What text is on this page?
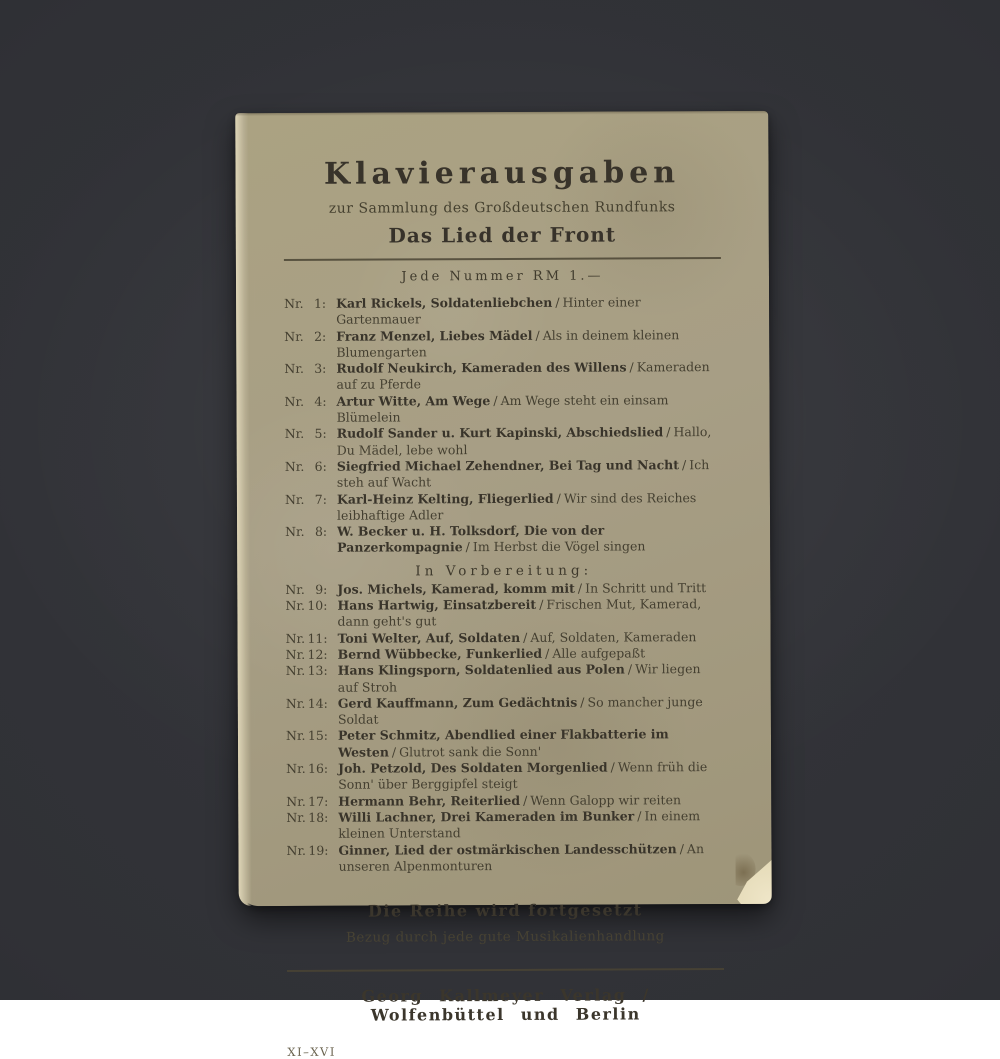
Klavierausgaben
zur Sammlung des Großdeutschen Rundfunks
Das Lied der Front
Jede Nummer RM 1.—
Nr. 1: Karl Rickels, Soldatenliebchen / Hinter einer Gartenmauer
Nr. 2: Franz Menzel, Liebes Mädel / Als in deinem kleinen Blumengarten
Nr. 3: Rudolf Neukirch, Kameraden des Willens / Kameraden auf zu Pferde
Nr. 4: Artur Witte, Am Wege / Am Wege steht ein einsam Blümelein
Nr. 5: Rudolf Sander u. Kurt Kapinski, Abschiedslied / Hallo, Du Mädel, lebe wohl
Nr. 6: Siegfried Michael Zehendner, Bei Tag und Nacht / Ich steh auf Wacht
Nr. 7: Karl-Heinz Kelting, Fliegerlied / Wir sind des Reiches leibhaftige Adler
Nr. 8: W. Becker u. H. Tolksdorf, Die von der Panzerkompagnie / Im Herbst die Vögel singen
In Vorbereitung:
Nr. 9: Jos. Michels, Kamerad, komm mit / In Schritt und Tritt
Nr. 10: Hans Hartwig, Einsatzbereit / Frischen Mut, Kamerad, dann geht's gut
Nr. 11: Toni Welter, Auf, Soldaten / Auf, Soldaten, Kameraden
Nr. 12: Bernd Wübbecke, Funkerlied / Alle aufgepaßt
Nr. 13: Hans Klingsporn, Soldatenlied aus Polen / Wir liegen auf Stroh
Nr. 14: Gerd Kauffmann, Zum Gedächtnis / So mancher junge Soldat
Nr. 15: Peter Schmitz, Abendlied einer Flakbatterie im Westen / Glutrot sank die Sonn'
Nr. 16: Joh. Petzold, Des Soldaten Morgenlied / Wenn früh die Sonn' über Berggipfel steigt
Nr. 17: Hermann Behr, Reiterlied / Wenn Galopp wir reiten
Nr. 18: Willi Lachner, Drei Kameraden im Bunker / In einem kleinen Unterstand
Nr. 19: Ginner, Lied der ostmärkischen Landesschützen / An unseren Alpenmonturen
Die Reihe wird fortgesetzt
Bezug durch jede gute Musikalienhandlung
Georg Kallmeyer Verlag / Wolfenbüttel und Berlin
XI–XVI
